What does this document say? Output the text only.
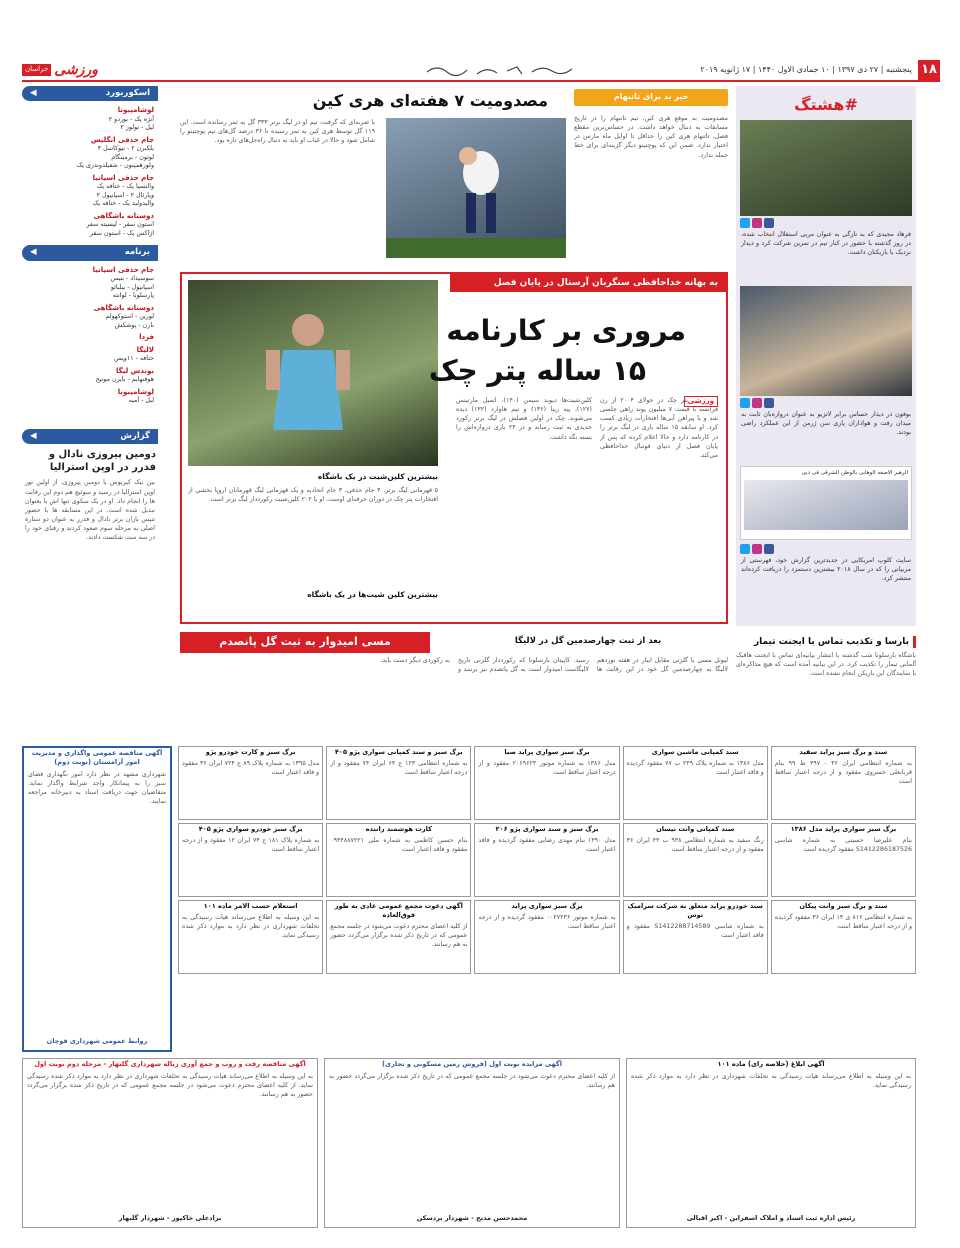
۱۸
پنجشنبه | ۲۷ دی ۱۳۹۷ | ۱۰ جمادی الاول ۱۴۴۰ | ۱۷ ژانویه ۲۰۱۹
ورزشی
خراسان
اسکوربورد
◀
لوشامپیونا
آنژه یک - بوردو ۲
لیل - تولوز ۲
جام حذفی انگلیس
بلکبرن ۲ - نیوکاسل ۴
لوتون - برمینگام
ولورهمپتون - شفیلدوندزی یک
جام حذفی اسپانیا
والنسیا یک - ختافه یک
ویارئال ۲ - اسپانیول ۲
والیدولید یک - ختافه یک
دوستانه باشگاهی
استون سفر - لیسیته سفر
اژاکس یک - استون سفر
برنامه
◀
جام حذفی اسپانیا
سوسیداد - بتیس
اسپانیول - بیلبائو
پارسلونا - لوانته
دوستانه باشگاهی
لورین - استوکهولم
نارن - پوشکش
فردا
لالیگا
ختافه - ۱۱ویس
بوندس لیگا
هوفنهایم - بایرن مونیخ
لوشامپیونا
لیل - آمیه
گزارش
◀
دومین پیروزی نادال و فدرر در اوپن استرالیا
بین نیک کیریوس با دومین پیروزی، از اولین تور اوپن استرالیا در رسید و سوئیچ هم دوم این رقابت ها را انجام داد. او در یک سکوی تنها اش با بعنوان تبدیل شده است. در این مسابقه ها با حضور تنیس بازان برتر نادال و فدرر به عنوان دو ستاره اصلی به مرحله سوم صعود کردند و رقبای خود را در سه ست شکست دادند.
مصدومیت ۷ هفته‌ای هری کین	خبر بد برای تاتنهام
مصدومیت به موقع هری کین، تیم تاتنهام را در تاریخ مسابقات به دنبال خواهد داشت. در حساس‌ترین مقطع فصل، تاتنهام هری کین را حداقل تا اوایل ماه مارس در اختیار ندارد. ضمن این که پوچتینو دیگر گزینه‌ای برای خط حمله ندارد.
با ضربه‌ای که گرفت، تیم او در لیگ برتر ۳۳۳ گل به ثمر رسانده است. این ۱۱۹ گل توسط هری کین به ثمر رسیده تا ۳۶ درصد گل‌های تیم پوچتینو را شامل شود و حالا در غیاب او باید به دنبال راه‌حل‌های تازه بود.
به بهانه خداحافظی سنگربان آرسنال در پایان فصل
مروری بر کارنامه
۱۵ ساله پتر چک
ورزشی
پتر چک در جولای ۲۰۰۴ از رن فرانسه با قیمت ۷ میلیون پوند راهی چلسی شد و با پیراهن آبی‌ها افتخارات زیادی کسب کرد. او سابقه ۱۵ ساله بازی در لیگ برتر را در کارنامه دارد و حالا اعلام کرده که پس از پایان فصل از دنیای فوتبال خداحافظی می‌کند.
کلین‌شیت‌ها دیوید سیمن (۱۴۰)، اتمیل مارتینس (۱۲۷)، پیه رینا (۱۳۶) و تیم هاوارد (۱۳۲) دیده می‌شوند. چک در اولین فصلش در لیگ برتر رکورد جدیدی به ثبت رساند و در ۲۴ بازی دروازه‌اش را بسته نگه داشت.
بیشترین کلین‌شیت در یک باشگاه
۵ قهرمانی لیگ برتر، ۴ جام حذفی، ۳ جام اتحادیه و یک قهرمانی لیگ قهرمانان اروپا بخشی از افتخارات پتر چک در دوران حرفه‌ای اوست. او با ۲۰۲ کلین‌شیت رکورددار لیگ برتر است.
بیشترین کلین شیت‌ها در یک باشگاه
مسی امیدوار به ثبت گل پانصدم	بعد از ثبت چهارصدمین گل در لالیگا
لیونل مسی با گلزنی مقابل ایبار در هفته نوزدهم لالیگا به چهارصدمین گل خود در این رقابت ها رسید. کاپیتان بارسلونا که رکورددار گلزنی تاریخ لالیگاست امیدوار است به گل پانصدم نیز برسد و به رکوردی دیگر دست یابد.
#هشتگ
فرهاد مجیدی که به تازگی به عنوان مربی استقلال انتخاب شده، در روز گذشته با حضور در کنار تیم در تمرین شرکت کرد و دیدار نزدیک با بازیکنان داشت.
بوفون در دیدار حساس برابر لاتزیو به عنوان دروازه‌بان ثابت به میدان رفت و هواداران پاری سن ژرمن از این عملکرد راضی بودند.
الرهبر الاصفه الوهابی بالوطن الشرقی فی دبی
سایت کلوپ امریکایی در جدیدترین گزارش خود، فهرستی از مربیانی را که در سال ۲۰۱۸ بیشترین دستمزد را دریافت کرده‌اند منتشر کرد.
بارسا و تکذیب تماس با ایجنت تیمار
باشگاه بارسلونا شب گذشته با انتشار بیانیه‌ای تماس با ایجنت هافبک آلمانی تیمار را تکذیب کرد. در این بیانیه آمده است که هیچ مذاکره‌ای با نمایندگان این بازیکن انجام نشده است.
سند و برگ سبز پراید سفید
به شماره انتظامی ایران ۳۶ - ۳۹۷ ط ۹۹ بنام قربانعلی خسروی مفقود و از درجه اعتبار ساقط است
سند کمپانی ماشین سواری
مدل ۱۳۸۶ به شماره پلاک ۲۴۹ ب ۷۷ مفقود گردیده و فاقد اعتبار است
برگ سبز سواری پراید صبا
مدل ۱۳۸۶ به شماره موتور ۲۰۶۹۶۲۳ مفقود و از درجه اعتبار ساقط است
برگ سبز و سند کمپانی سواری پژو ۴۰۵
به شماره انتظامی ۱۲۳ ج ۶۴ ایران ۷۴ مفقود و از درجه اعتبار ساقط است
برگ سبز و کارت خودرو پژو
مدل ۱۳۹۵ به شماره پلاک ۸۹ ج ۷۲۴ ایران ۳۶ مفقود و فاقد اعتبار است
برگ سبز سواری پراید مدل ۱۳۸۶
بنام علیرضا حسینی به شماره شاسی S1412286187526 مفقود گردیده است
سند کمپانی وانت نیسان
رنگ سفید به شماره انتظامی ۹۳۸ ب ۴۴ ایران ۳۶ مفقود و از درجه اعتبار ساقط است
برگ سبز و سند سواری پژو ۲۰۶
مدل ۱۳۹۰ بنام مهدی رضایی مفقود گردیده و فاقد اعتبار است
کارت هوشمند راننده
بنام حسین کاظمی به شماره ملی ۰۹۴۴۸۸۷۲۲۱ مفقود و فاقد اعتبار است
برگ سبز خودرو سواری پژو ۴۰۵
به شماره پلاک ۱۸۱ ج ۷۴ ایران ۱۲ مفقود و از درجه اعتبار ساقط است
سند و برگ سبز وانت پیکان
به شماره انتظامی ۸۱۶ ی ۱۳ ایران ۳۶ مفقود گردیده و از درجه اعتبار ساقط است
سند خودرو پراید متعلق به شرکت سرامیک توس
به شماره شاسی S1412288714589 مفقود و فاقد اعتبار است
برگ سبز سواری پراید
به شماره موتور ۰۰۲۷۲۳۶ مفقود گردیده و از درجه اعتبار ساقط است
آگهی دعوت مجمع عمومی عادی به طور فوق‌العاده
از کلیه اعضای محترم دعوت می‌شود در جلسه مجمع عمومی که در تاریخ ذکر شده برگزار می‌گردد حضور به هم رسانند.
استعلام حسب الامر ماده ۱۰۱
به این وسیله به اطلاع می‌رساند هیات رسیدگی به تخلفات شهرداری در نظر دارد به موارد ذکر شده رسیدگی نماید.
آگهی مناقصه عمومی واگذاری و مدیریت امور آرامستان (نوبت دوم)
شهرداری مشهد در نظر دارد امور نگهداری فضای سبز را به پیمانکار واجد شرایط واگذار نماید. متقاضیان جهت دریافت اسناد به دبیرخانه مراجعه نمایند.
روابط عمومی شهرداری قوچان
آگهی مناقصه رفت و روب و جمع آوری زباله شهرداری گلبهار - مرحله دوم نوبت اول
به این وسیله به اطلاع می‌رساند هیات رسیدگی به تخلفات شهرداری در نظر دارد به موارد ذکر شده رسیدگی نماید. از کلیه اعضای محترم دعوت می‌شود در جلسه مجمع عمومی که در تاریخ ذکر شده برگزار می‌گردد حضور به هم رسانند.
برادعلی خاکپور - شهردار گلبهار
آگهی مزایده نوبت اول (فروش زمین مسکونی و تجاری)
از کلیه اعضای محترم دعوت می‌شود در جلسه مجمع عمومی که در تاریخ ذکر شده برگزار می‌گردد حضور به هم رسانند.
محمدحسن مدبح - شهردار بردسکن
آگهی ابلاغ (خلاصه رای) ماده ۱۰۱
به این وسیله به اطلاع می‌رساند هیات رسیدگی به تخلفات شهرداری در نظر دارد به موارد ذکر شده رسیدگی نماید.
رئیس اداره ثبت اسناد و املاک اسفراین - اکبر اقبالی
